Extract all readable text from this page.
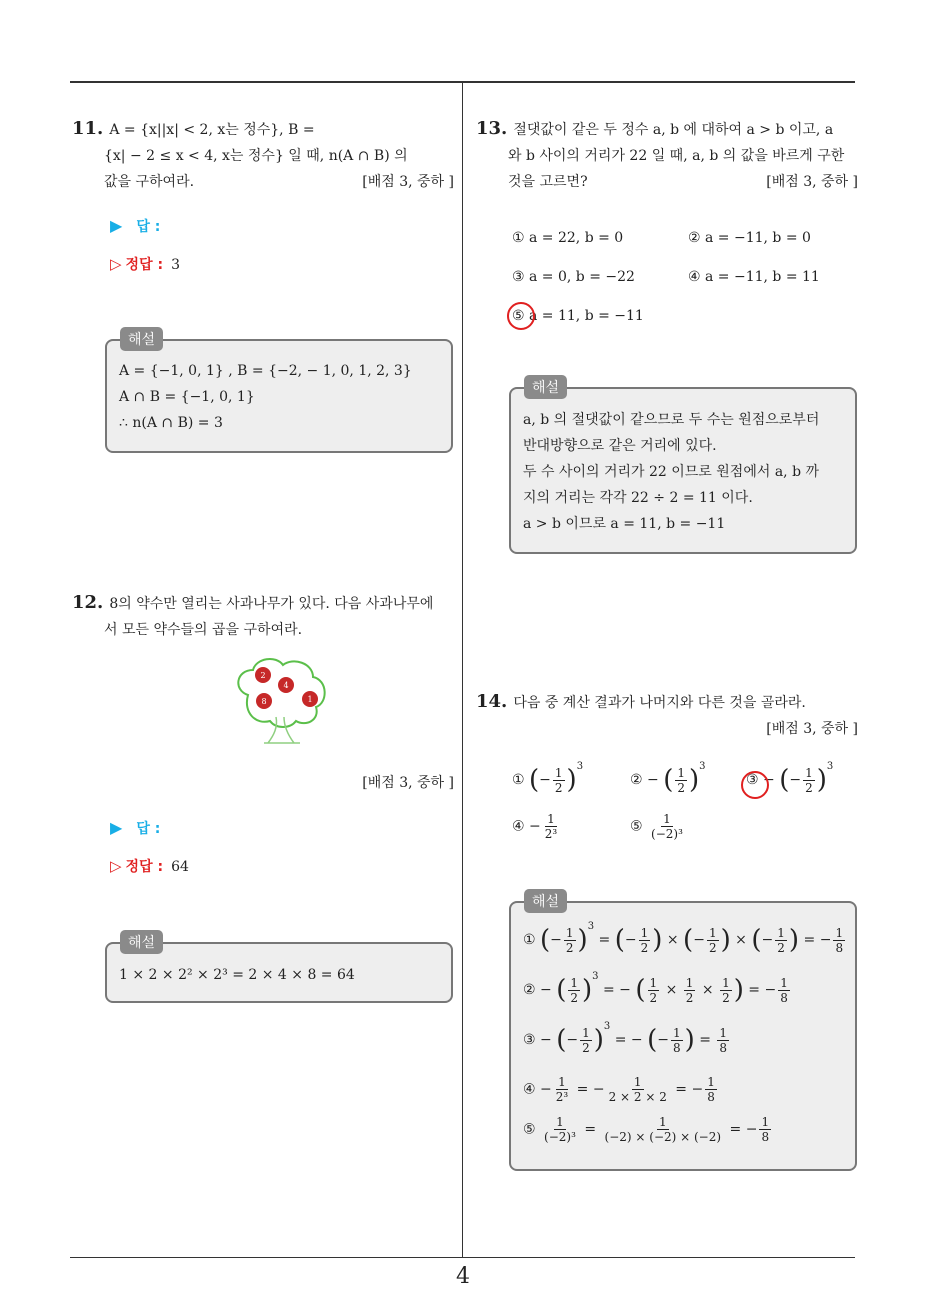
4
11. A = {x||x| < 2, x는 정수}, B =
{x| − 2 ≤ x < 4, x는 정수} 일 때, n(A ∩ B) 의
값을 구하여라.	[배점 3, 중하 ]
▶ 답 :
▷ 정답 : 3
A = {−1, 0, 1} , B = {−2, − 1, 0, 1, 2, 3}
A ∩ B = {−1, 0, 1}
∴ n(A ∩ B) = 3
해설
12. 8의 약수만 열리는 사과나무가 있다. 다음 사과나무에
서 모든 약수들의 곱을 구하여라.
2
4
8	1
[배점 3, 중하 ]
▶ 답 :
▷ 정답 : 64
1 × 2 × 2² × 2³ = 2 × 4 × 8 = 64
해설
13. 절댓값이 같은 두 정수 a, b 에 대하여 a > b 이고, a
와 b 사이의 거리가 22 일 때, a, b 의 값을 바르게 구한
것을 고르면?	[배점 3, 중하 ]
① a = 22, b = 0	② a = −11, b = 0
③ a = 0, b = −22	④ a = −11, b = 11
⑤ a = 11, b = −11
a, b 의 절댓값이 같으므로 두 수는 원점으로부터
반대방향으로 같은 거리에 있다.
두 수 사이의 거리가 22 이므로 원점에서 a, b 까
지의 거리는 각각 22 ÷ 2 = 11 이다.
a > b 이므로 a = 11, b = −11
해설
14. 다음 중 계산 결과가 나머지와 다른 것을 골라라.
[배점 3, 중하 ]
① (− $\frac{1}{2} )^3$
② − ( $\frac{1}{2} )^3$
③ − (− $\frac{1}{2} )^3$
④ − $\frac{1}{\text{2³}}$	⑤ $\frac{1}{\text{(−2)³}}$
① (− $\frac{1}{2} )^3$ = (− $\frac{1}{2}$ ) × (− $\frac{1}{2}$ ) × (− $\frac{1}{2}$ ) = − $\frac{1}{8}$
② − ( $\frac{1}{2} )^3$ = − ( $\frac{1}{2} \times \frac{1}{2} \times \frac{1}{2}$ ) = − $\frac{1}{8}$
③ − (− $\frac{1}{2} )^3$ = − (− $\frac{1}{8}$ ) = $\frac{1}{8}$
④ − $\frac{1}{\text{2³}}$ = − $\frac{1}{2 \times 2 \times 2}$ = − $\frac{1}{8}$
⑤ $\frac{1}{\text{(−2)³}} = \frac{1}{(-2) \times (-2) \times (-2)}$ = − $\frac{1}{8}$
해설
